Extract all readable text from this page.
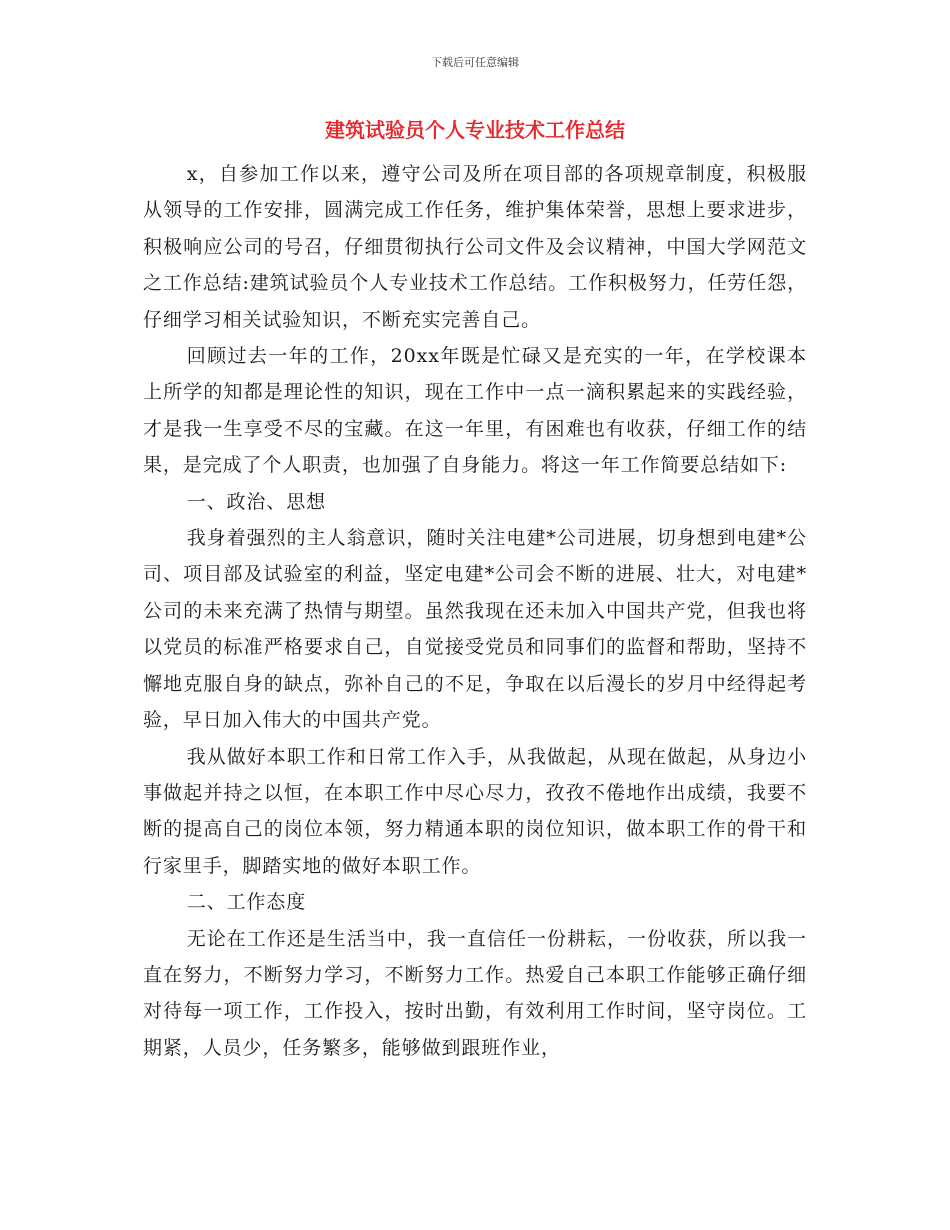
下载后可任意编辑
建筑试验员个人专业技术工作总结

x，自参加工作以来，遵守公司及所在项目部的各项规章制度，积极服从领导的工作安排，圆满完成工作任务，维护集体荣誉，思想上要求进步，积极响应公司的号召，仔细贯彻执行公司文件及会议精神，中国大学网范文之工作总结:建筑试验员个人专业技术工作总结。工作积极努力，任劳任怨，仔细学习相关试验知识，不断充实完善自己。

回顾过去一年的工作，20xx年既是忙碌又是充实的一年，在学校课本上所学的知都是理论性的知识，现在工作中一点一滴积累起来的实践经验，才是我一生享受不尽的宝藏。在这一年里，有困难也有收获，仔细工作的结果，是完成了个人职责，也加强了自身能力。将这一年工作简要总结如下:

一、政治、思想

我身着强烈的主人翁意识，随时关注电建*公司进展，切身想到电建*公司、项目部及试验室的利益，坚定电建*公司会不断的进展、壮大，对电建*公司的未来充满了热情与期望。虽然我现在还未加入中国共产党，但我也将以党员的标准严格要求自己，自觉接受党员和同事们的监督和帮助，坚持不懈地克服自身的缺点，弥补自己的不足，争取在以后漫长的岁月中经得起考验，早日加入伟大的中国共产党。

我从做好本职工作和日常工作入手，从我做起，从现在做起，从身边小事做起并持之以恒，在本职工作中尽心尽力，孜孜不倦地作出成绩，我要不断的提高自己的岗位本领，努力精通本职的岗位知识，做本职工作的骨干和行家里手，脚踏实地的做好本职工作。

二、工作态度

无论在工作还是生活当中，我一直信任一份耕耘，一份收获，所以我一直在努力，不断努力学习，不断努力工作。热爱自己本职工作能够正确仔细对待每一项工作，工作投入，按时出勤，有效利用工作时间，坚守岗位。工期紧，人员少，任务繁多，能够做到跟班作业，
